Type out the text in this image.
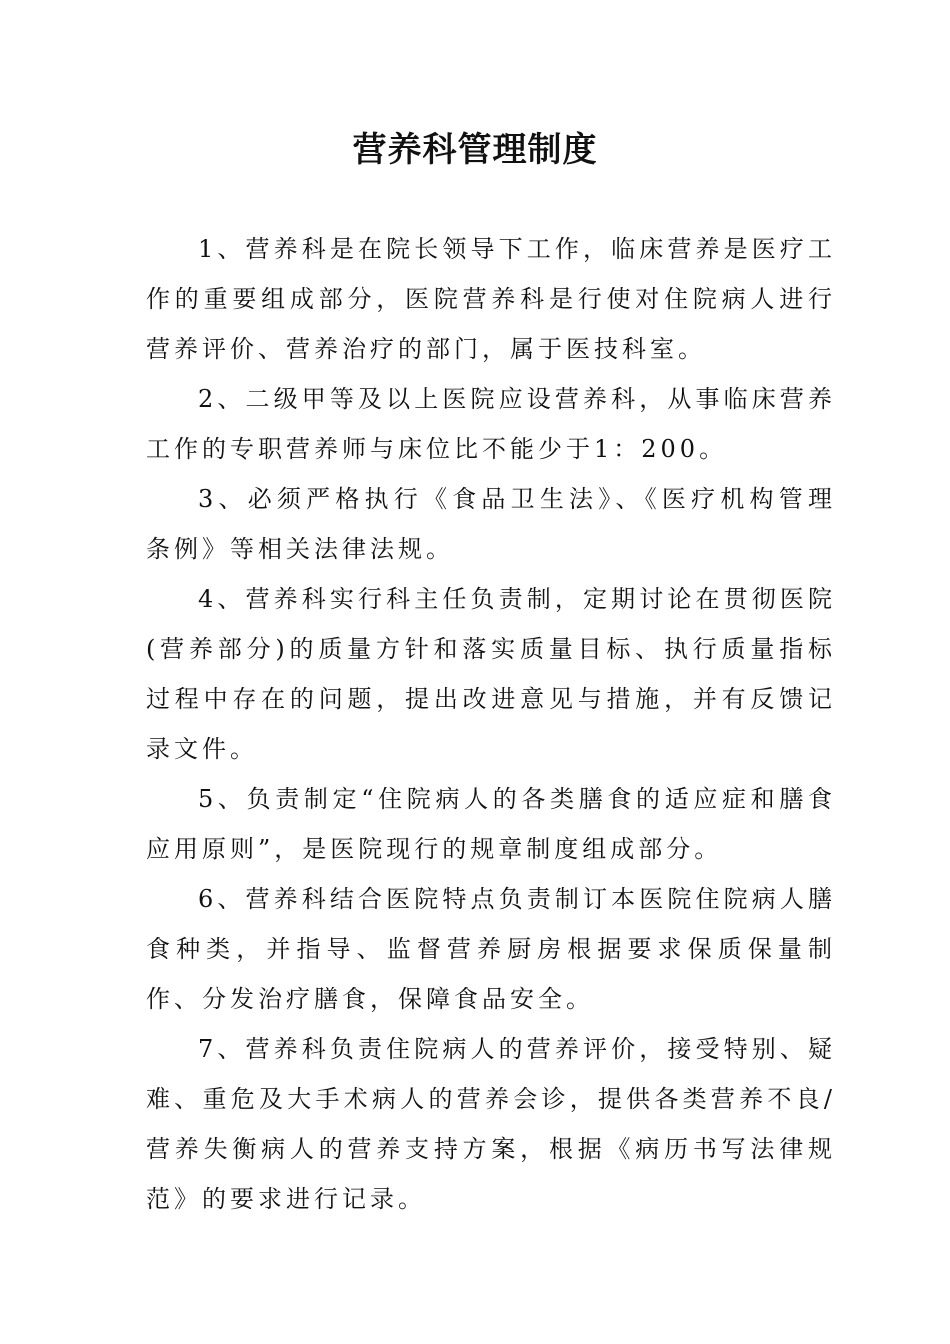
营养科管理制度

1、营养科是在院长领导下工作，临床营养是医疗工作的重要组成部分，医院营养科是行使对住院病人进行营养评价、营养治疗的部门，属于医技科室。

2、二级甲等及以上医院应设营养科，从事临床营养工作的专职营养师与床位比不能少于1：200。

3、必须严格执行《食品卫生法》、《医疗机构管理条例》等相关法律法规。

4、营养科实行科主任负责制，定期讨论在贯彻医院(营养部分)的质量方针和落实质量目标、执行质量指标过程中存在的问题，提出改进意见与措施，并有反馈记录文件。

5、负责制定“住院病人的各类膳食的适应症和膳食应用原则”，是医院现行的规章制度组成部分。

6、营养科结合医院特点负责制订本医院住院病人膳食种类，并指导、监督营养厨房根据要求保质保量制作、分发治疗膳食，保障食品安全。

7、营养科负责住院病人的营养评价，接受特别、疑难、重危及大手术病人的营养会诊，提供各类营养不良/营养失衡病人的营养支持方案，根据《病历书写法律规范》的要求进行记录。
